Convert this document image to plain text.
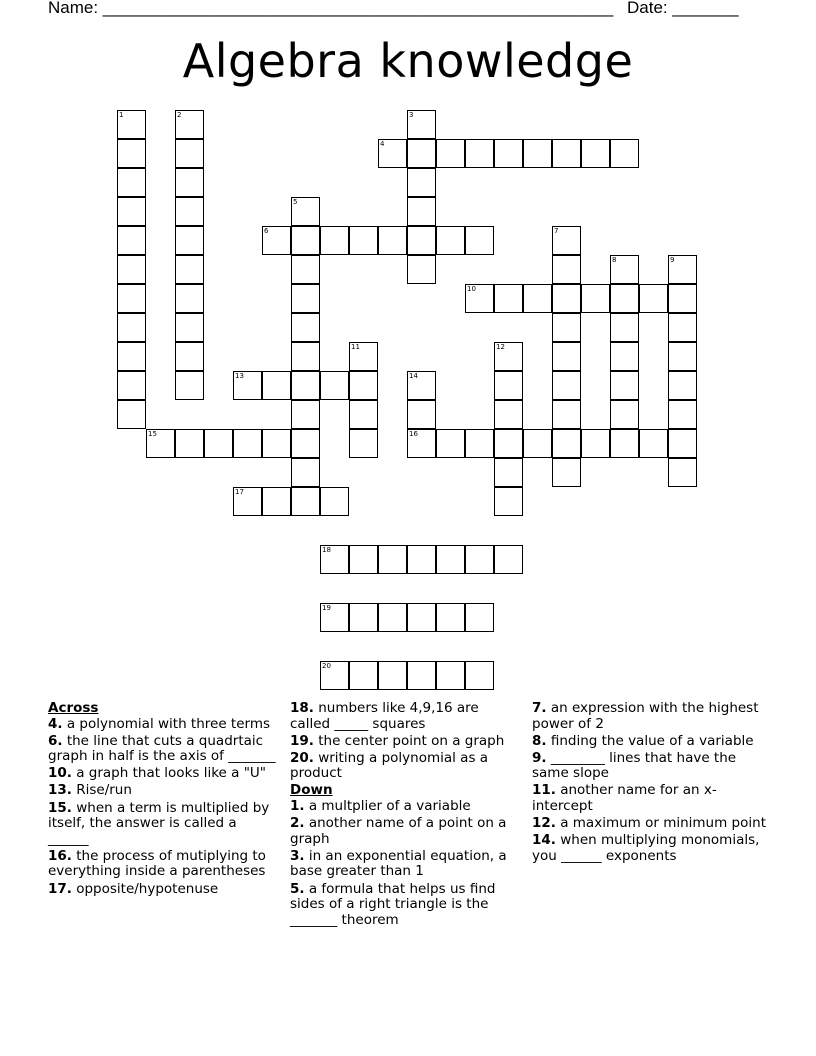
Name: ______________________________________________________ Date: _______
Algebra knowledge
1	2	3
4
5
6	7
8	9
10
11	12
13	14
16
15
17
18
19
20
Across
4. a polynomial with three terms
6. the line that cuts a quadrtaic graph in half is the axis of _______
10. a graph that looks like a "U"
13. Rise/run
15. when a term is multiplied by itself, the answer is called a ______
16. the process of mutiplying to everything inside a parentheses
17. opposite/hypotenuse
18. numbers like 4,9,16 are called _____ squares
19. the center point on a graph
20. writing a polynomial as a product
Down
1. a multplier of a variable
2. another name of a point on a graph
3. in an exponential equation, a base greater than 1
5. a formula that helps us find sides of a right triangle is the _______ theorem
7. an expression with the highest power of 2
8. finding the value of a variable
9. ________ lines that have the same slope
11. another name for an x-intercept
12. a maximum or minimum point
14. when multiplying monomials, you ______ exponents
